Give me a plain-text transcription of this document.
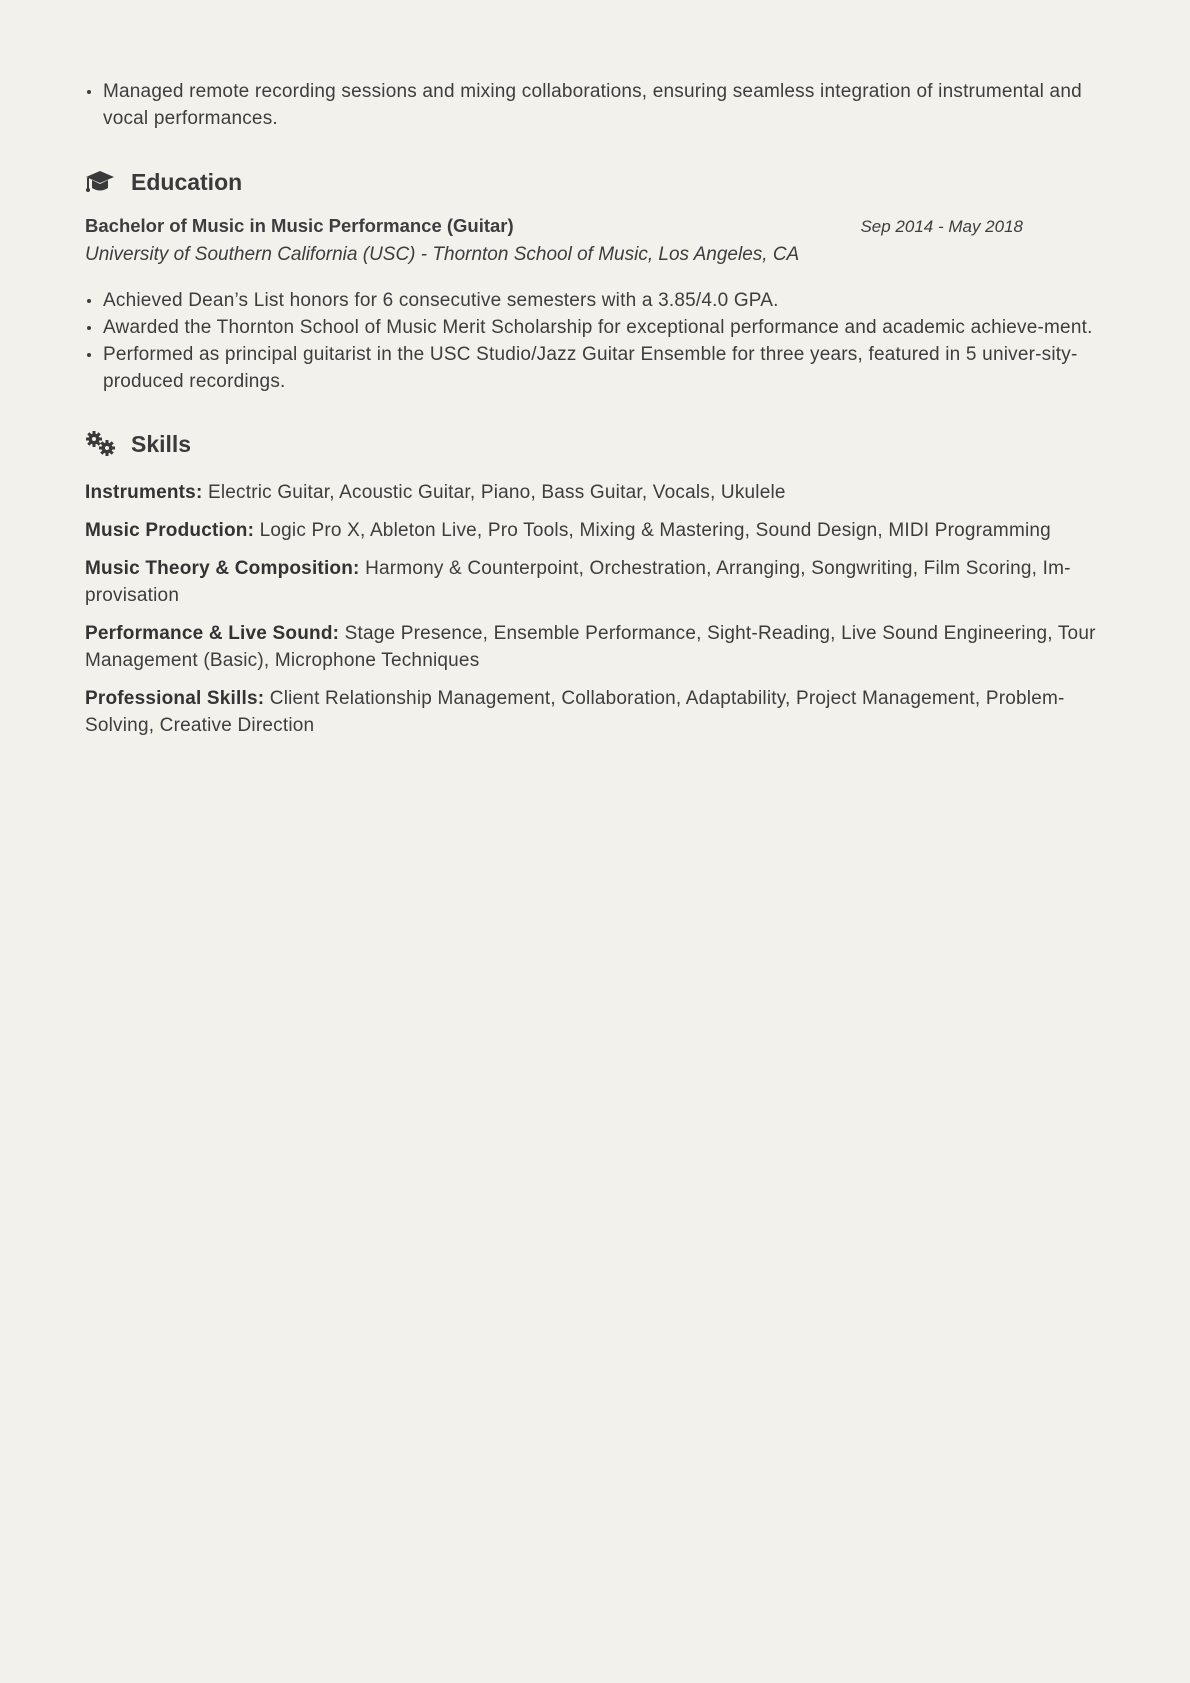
Managed remote recording sessions and mixing collaborations, ensuring seamless integration of instrumental and vocal performances.
Education
Bachelor of Music in Music Performance (Guitar)	Sep 2014 - May 2018
University of Southern California (USC) - Thornton School of Music, Los Angeles, CA
Achieved Dean’s List honors for 6 consecutive semesters with a 3.85/4.0 GPA.
Awarded the Thornton School of Music Merit Scholarship for exceptional performance and academic achieve-ment.
Performed as principal guitarist in the USC Studio/Jazz Guitar Ensemble for three years, featured in 5 univer-sity-produced recordings.
Skills
Instruments: Electric Guitar, Acoustic Guitar, Piano, Bass Guitar, Vocals, Ukulele
Music Production: Logic Pro X, Ableton Live, Pro Tools, Mixing & Mastering, Sound Design, MIDI Programming
Music Theory & Composition: Harmony & Counterpoint, Orchestration, Arranging, Songwriting, Film Scoring, Im-provisation
Performance & Live Sound: Stage Presence, Ensemble Performance, Sight-Reading, Live Sound Engineering, Tour Management (Basic), Microphone Techniques
Professional Skills: Client Relationship Management, Collaboration, Adaptability, Project Management, Problem-Solving, Creative Direction
